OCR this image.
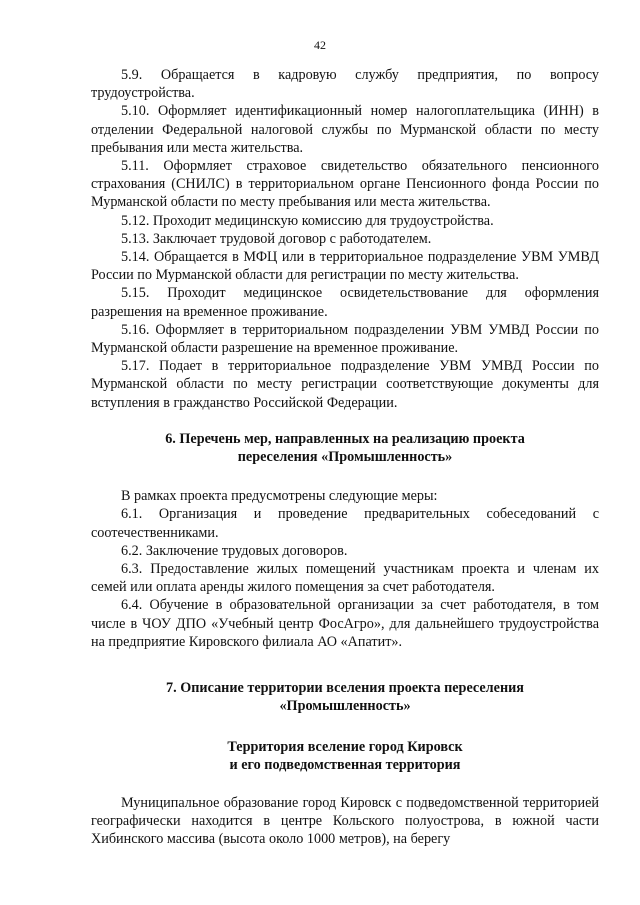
42

5.9. Обращается в кадровую службу предприятия, по вопросу трудоустройства.

5.10. Оформляет идентификационный номер налогоплательщика (ИНН) в отделении Федеральной налоговой службы по Мурманской области по месту пребывания или места жительства.

5.11. Оформляет страховое свидетельство обязательного пенсионного страхования (СНИЛС) в территориальном органе Пенсионного фонда России по Мурманской области по месту пребывания или места жительства.

5.12. Проходит медицинскую комиссию для трудоустройства.

5.13. Заключает трудовой договор с работодателем.

5.14. Обращается в МФЦ или в территориальное подразделение УВМ УМВД России по Мурманской области для регистрации по месту жительства.

5.15. Проходит медицинское освидетельствование для оформления разрешения на временное проживание.

5.16. Оформляет в территориальном подразделении УВМ УМВД России по Мурманской области разрешение на временное проживание.

5.17. Подает в территориальное подразделение УВМ УМВД России по Мурманской области по месту регистрации соответствующие документы для вступления в гражданство Российской Федерации.

6. Перечень мер, направленных на реализацию проекта
переселения «Промышленность»

В рамках проекта предусмотрены следующие меры:

6.1. Организация и проведение предварительных собеседований с соотечественниками.

6.2. Заключение трудовых договоров.

6.3. Предоставление жилых помещений участникам проекта и членам их семей или оплата аренды жилого помещения за счет работодателя.

6.4. Обучение в образовательной организации за счет работодателя, в том числе в ЧОУ ДПО «Учебный центр ФосАгро», для дальнейшего трудоустройства на предприятие Кировского филиала АО «Апатит».

7. Описание территории вселения проекта переселения
«Промышленность»
Территория вселение город Кировск
и его подведомственная территория

Муниципальное образование город Кировск с подведомственной территорией географически находится в центре Кольского полуострова, в южной части Хибинского массива (высота около 1000 метров), на берегу
